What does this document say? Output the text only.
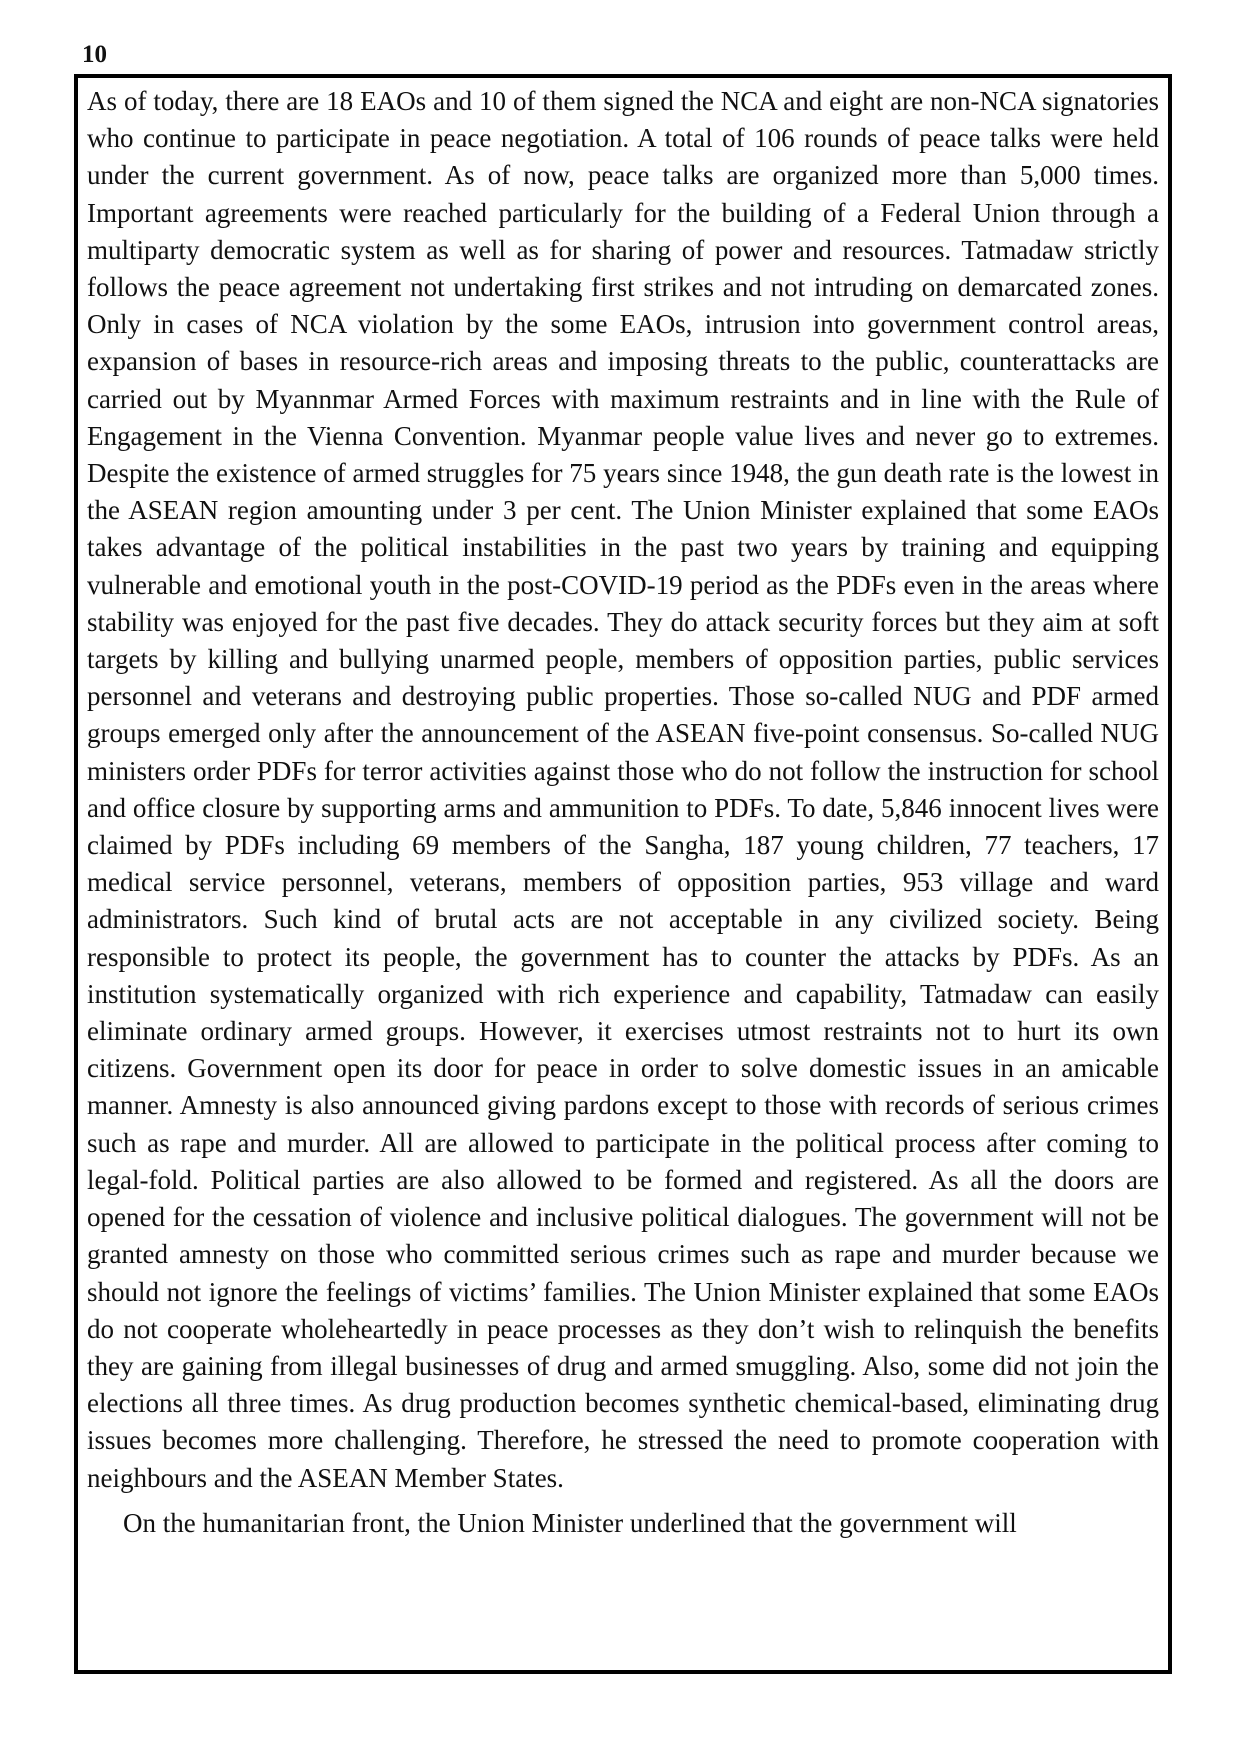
10

As of today, there are 18 EAOs and 10 of them signed the NCA and eight are non-NCA signatories who continue to participate in peace negotiation. A total of 106 rounds of peace talks were held under the current government. As of now, peace talks are organized more than 5,000 times. Important agreements were reached particularly for the building of a Federal Union through a multiparty democratic system as well as for sharing of power and resources. Tatmadaw strictly follows the peace agreement not undertaking first strikes and not intruding on demarcated zones. Only in cases of NCA violation by the some EAOs, intrusion into government control areas, expansion of bases in resource-rich areas and imposing threats to the public, counterattacks are carried out by Myannmar Armed Forces with maximum restraints and in line with the Rule of Engagement in the Vienna Convention. Myanmar people value lives and never go to extremes. Despite the existence of armed struggles for 75 years since 1948, the gun death rate is the lowest in the ASEAN region amounting under 3 per cent. The Union Minister explained that some EAOs takes advantage of the political instabilities in the past two years by training and equipping vulnerable and emotional youth in the post-COVID-19 period as the PDFs even in the areas where stability was enjoyed for the past five decades. They do attack security forces but they aim at soft targets by killing and bullying unarmed people, members of opposition parties, public services personnel and veterans and destroying public properties. Those so-called NUG and PDF armed groups emerged only after the announcement of the ASEAN five-point consensus. So-called NUG ministers order PDFs for terror activities against those who do not follow the instruction for school and office closure by supporting arms and ammunition to PDFs. To date, 5,846 innocent lives were claimed by PDFs including 69 members of the Sangha, 187 young children, 77 teachers, 17 medical service personnel, veterans, members of opposition parties, 953 village and ward administrators. Such kind of brutal acts are not acceptable in any civilized society. Being responsible to protect its people, the government has to counter the attacks by PDFs. As an institution systematically organized with rich experience and capability, Tatmadaw can easily eliminate ordinary armed groups. However, it exercises utmost restraints not to hurt its own citizens. Government open its door for peace in order to solve domestic issues in an amicable manner. Amnesty is also announced giving pardons except to those with records of serious crimes such as rape and murder. All are allowed to participate in the political process after coming to legal-fold. Political parties are also allowed to be formed and registered. As all the doors are opened for the cessation of violence and inclusive political dialogues. The government will not be granted amnesty on those who committed serious crimes such as rape and murder because we should not ignore the feelings of victims’ families. The Union Minister explained that some EAOs do not cooperate wholeheartedly in peace processes as they don’t wish to relinquish the benefits they are gaining from illegal businesses of drug and armed smuggling. Also, some did not join the elections all three times. As drug production becomes synthetic chemical-based, eliminating drug issues becomes more challenging. Therefore, he stressed the need to promote cooperation with neighbours and the ASEAN Member States.

On the humanitarian front, the Union Minister underlined that the government will
